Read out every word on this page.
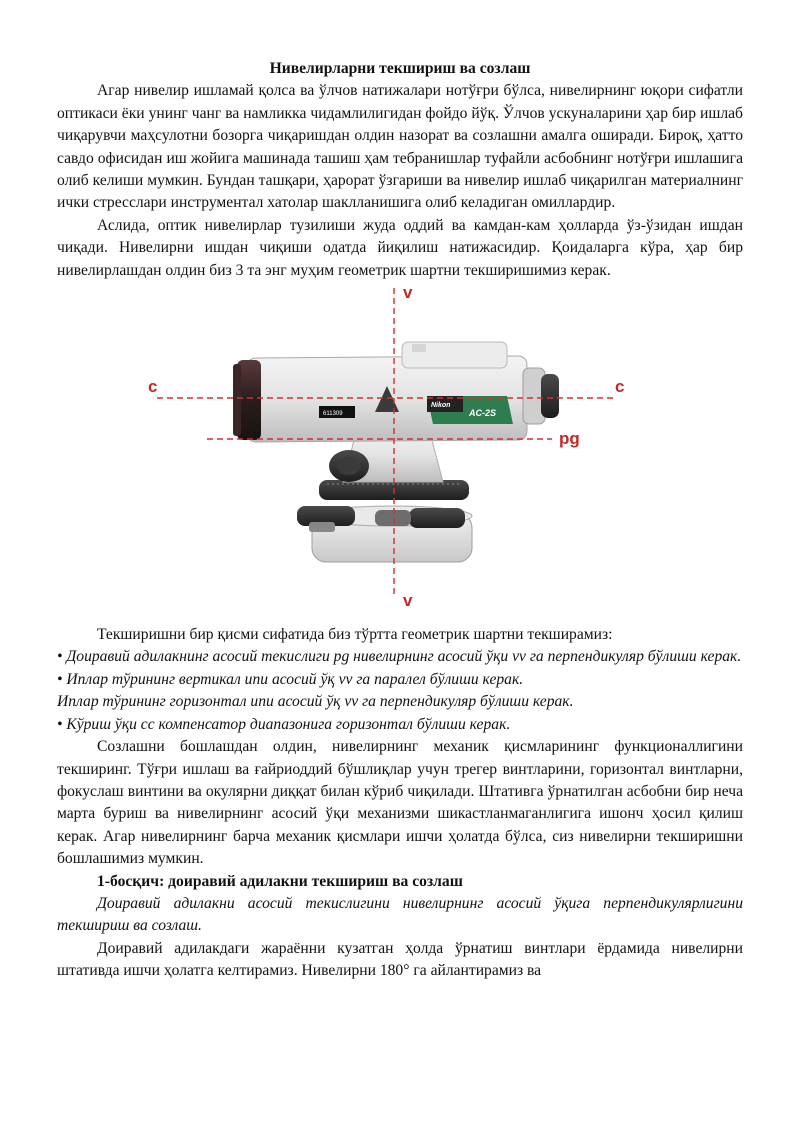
Нивелирларни текшириш ва созлаш

Агар нивелир ишламай қолса ва ўлчов натижалари нотўғри бўлса, нивелирнинг юқори сифатли оптикаси ёки унинг чанг ва намликка чидамлилигидан фойдо йўқ. Ўлчов ускуналарини ҳар бир ишлаб чиқарувчи маҳсулотни бозорга чиқаришдан олдин назорат ва созлашни амалга оширади. Бироқ, ҳатто савдо офисидан иш жойига машинада ташиш ҳам тебранишлар туфайли асбобнинг нотўғри ишлашига олиб келиши мумкин. Бундан ташқари, ҳарорат ўзгариши ва нивелир ишлаб чиқарилган материалнинг ички стресслари инструментал хатолар шаклланишига олиб келадиган омиллардир.

Аслида, оптик нивелирлар тузилиши жуда оддий ва камдан-кам ҳолларда ўз-ўзидан ишдан чиқади. Нивелирни ишдан чиқиши одатда йиқилиш натижасидир. Қоидаларга кўра, ҳар бир нивелирлашдан олдин биз 3 та энг муҳим геометрик шартни текширишимиз керак.

v
v
c	c
pg
Nikon
AC-2S
611309

Текширишни бир қисми сифатида биз тўртта геометрик шартни текширамиз:

• Доиравий адилакнинг асосий текислиги pg нивелирнинг асосий ўқи vv га перпендикуляр бўлиши керак.

• Иплар тўрининг вертикал ипи асосий ўқ vv га паралел бўлиши керак.

Иплар тўрининг горизонтал ипи асосий ўқ vv га перпендикуляр бўлиши керак.

• Кўриш ўқи cc компенсатор диапазонига горизонтал бўлиши керак.

Созлашни бошлашдан олдин, нивелирнинг механик қисмларининг функционаллигини текширинг. Тўғри ишлаш ва ғайриоддий бўшлиқлар учун трегер винтларини, горизонтал винтларни, фокуслаш винтини ва окулярни диққат билан кўриб чиқилади. Штативга ўрнатилган асбобни бир неча марта буриш ва нивелирнинг асосий ўқи механизми шикастланмаганлигига ишонч ҳосил қилиш керак. Агар нивелирнинг барча механик қисмлари ишчи ҳолатда бўлса, сиз нивелирни текширишни бошлашимиз мумкин.

1-босқич: доиравий адилакни текшириш ва созлаш

Доиравий адилакни асосий текислигини нивелирнинг асосий ўқига перпендикулярлигини текшириш ва созлаш.

Доиравий адилакдаги жараённи кузатган ҳолда ўрнатиш винтлари ёрдамида нивелирни штативда ишчи ҳолатга келтирамиз. Нивелирни 180° га айлантирамиз ва
